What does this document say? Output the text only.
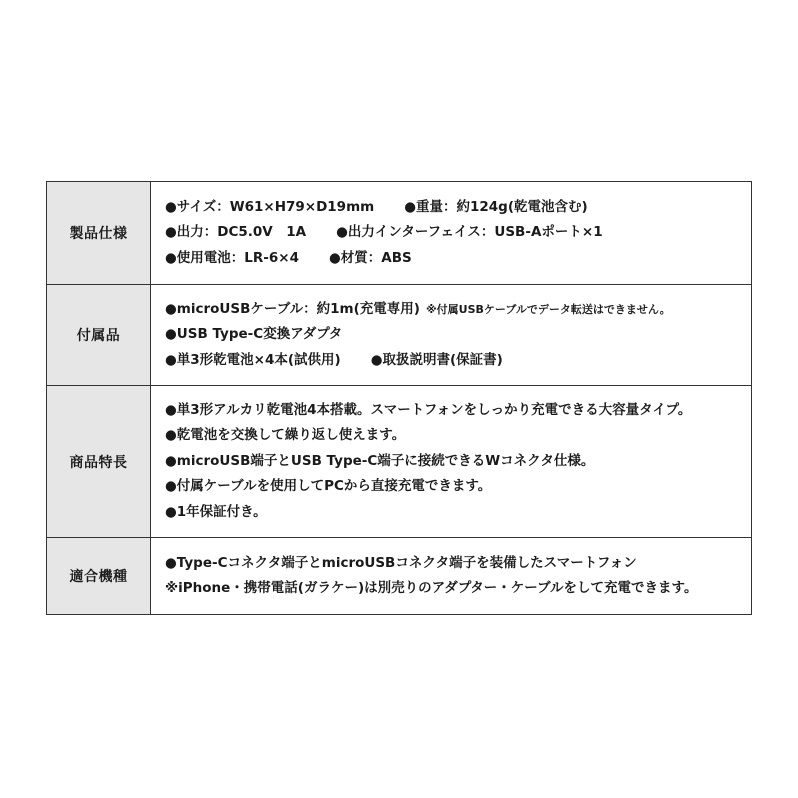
製品仕様
●サイズ：W61×H79×D19mm ●重量：約124g(乾電池含む)
●出力：DC5.0V　1A ●出力インターフェイス：USB-Aポート×1
●使用電池：LR-6×4 ●材質：ABS
付属品
●microUSBケーブル：約1m(充電専用) ※付属USBケーブルでデータ転送はできません。
●USB Type-C変換アダプタ
●単3形乾電池×4本(試供用) ●取扱説明書(保証書)
商品特長
●単3形アルカリ乾電池4本搭載。スマートフォンをしっかり充電できる大容量タイプ。
●乾電池を交換して繰り返し使えます。
●microUSB端子とUSB Type-C端子に接続できるWコネクタ仕様。
●付属ケーブルを使用してPCから直接充電できます。
●1年保証付き。
適合機種
●Type-Cコネクタ端子とmicroUSBコネクタ端子を装備したスマートフォン
※iPhone・携帯電話(ガラケー)は別売りのアダプター・ケーブルをして充電できます。
